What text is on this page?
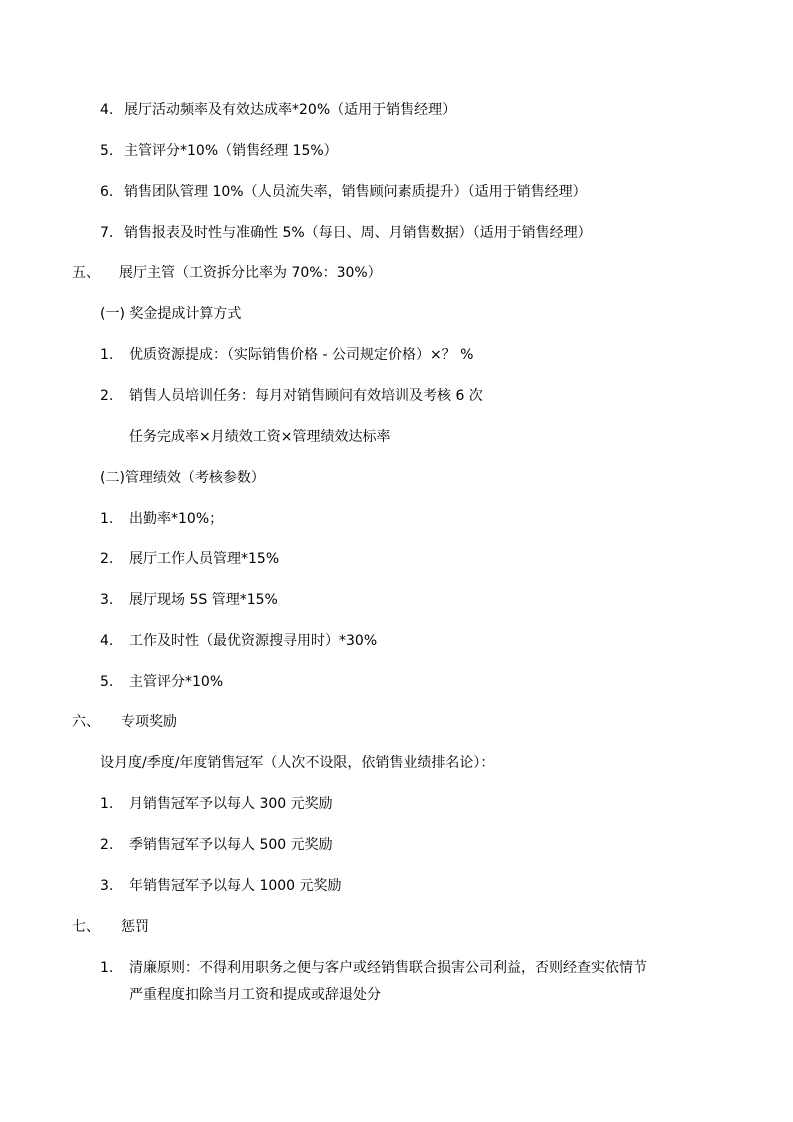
4. 展厅活动频率及有效达成率*20%（适用于销售经理）
5. 主管评分*10%（销售经理 15%）
6. 销售团队管理 10%（人员流失率，销售顾问素质提升）（适用于销售经理）
7. 销售报表及时性与准确性 5%（每日、周、月销售数据）（适用于销售经理）
五、 展厅主管（工资拆分比率为 70%：30%）
(一) 奖金提成计算方式
1. 优质资源提成：（实际销售价格 - 公司规定价格）×？ %
2. 销售人员培训任务：每月对销售顾问有效培训及考核 6 次
任务完成率×月绩效工资×管理绩效达标率
(二)管理绩效（考核参数）
1. 出勤率*10%；
2. 展厅工作人员管理*15%
3. 展厅现场 5S 管理*15%
4. 工作及时性（最优资源搜寻用时）*30%
5. 主管评分*10%
六、 专项奖励
设月度/季度/年度销售冠军（人次不设限，依销售业绩排名论）：
1. 月销售冠军予以每人 300 元奖励
2. 季销售冠军予以每人 500 元奖励
3. 年销售冠军予以每人 1000 元奖励
七、 惩罚
1. 清廉原则：不得利用职务之便与客户或经销售联合损害公司利益，否则经查实依情节
严重程度扣除当月工资和提成或辞退处分
